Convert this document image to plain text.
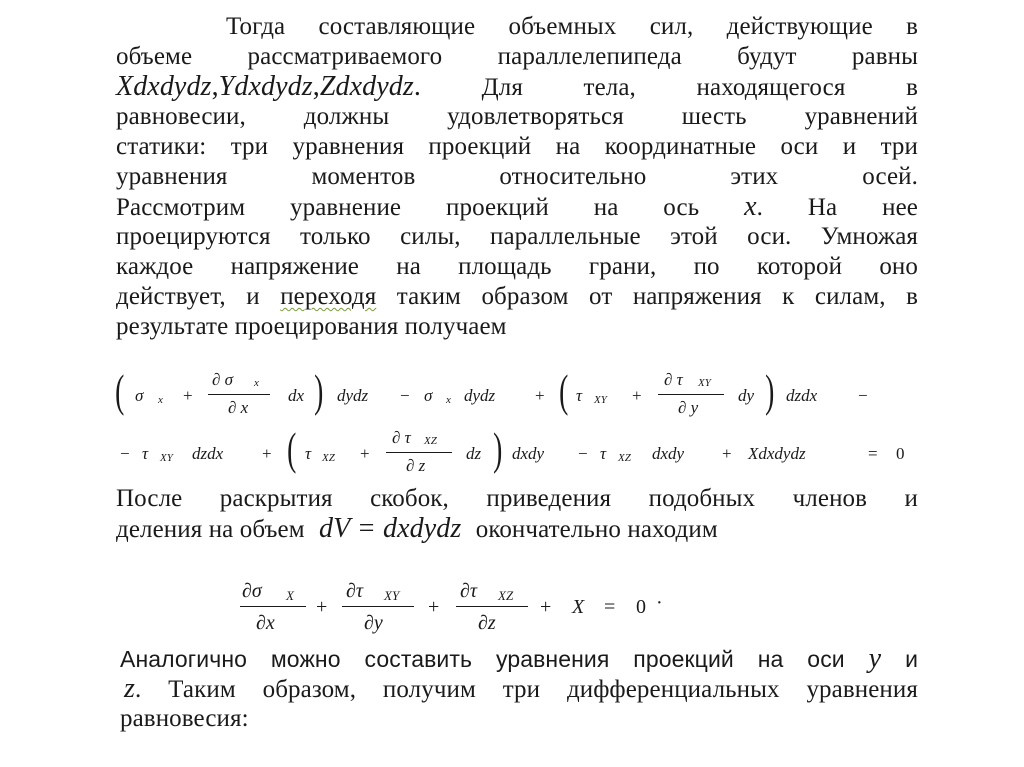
Тогда составляющие объемных сил, действующие в
объеме рассматриваемого параллелепипеда будут равны
Xdxdydz,Ydxdydz,Zdxdydz. Для тела, находящегося в
равновесии, должны удовлетворяться шесть уравнений
статики: три уравнения проекций на координатные оси и три
уравнения моментов относительно этих осей.
Рассмотрим уравнение проекций на ось x. На нее
проецируются только силы, параллельные этой оси. Умножая
каждое напряжение на площадь грани, по которой оно
действует, и переходя таким образом от напряжения к силам, в
результате проецирования получаем
( σ x +
∂ σ x
∂ x
dx ) dydz − σ x dydz + ( τ XY +
∂ τ XY
∂ y
dy ) dzdx −
− τ XY dzdx + ( τ XZ +
∂ τ XZ
∂ z
dz ) dxdy − τ XZ dxdy + Xdxdydz	= 0
После раскрытия скобок, приведения подобных членов и
деления на объем dV = dxdydz окончательно находим
∂σ X
∂x
+
∂τ XY
∂y
+
∂τ XZ
∂z
+ X = 0 ·
Аналогично можно составить уравнения проекций на оси y и
z. Таким образом, получим три дифференциальных уравнения
равновесия:
